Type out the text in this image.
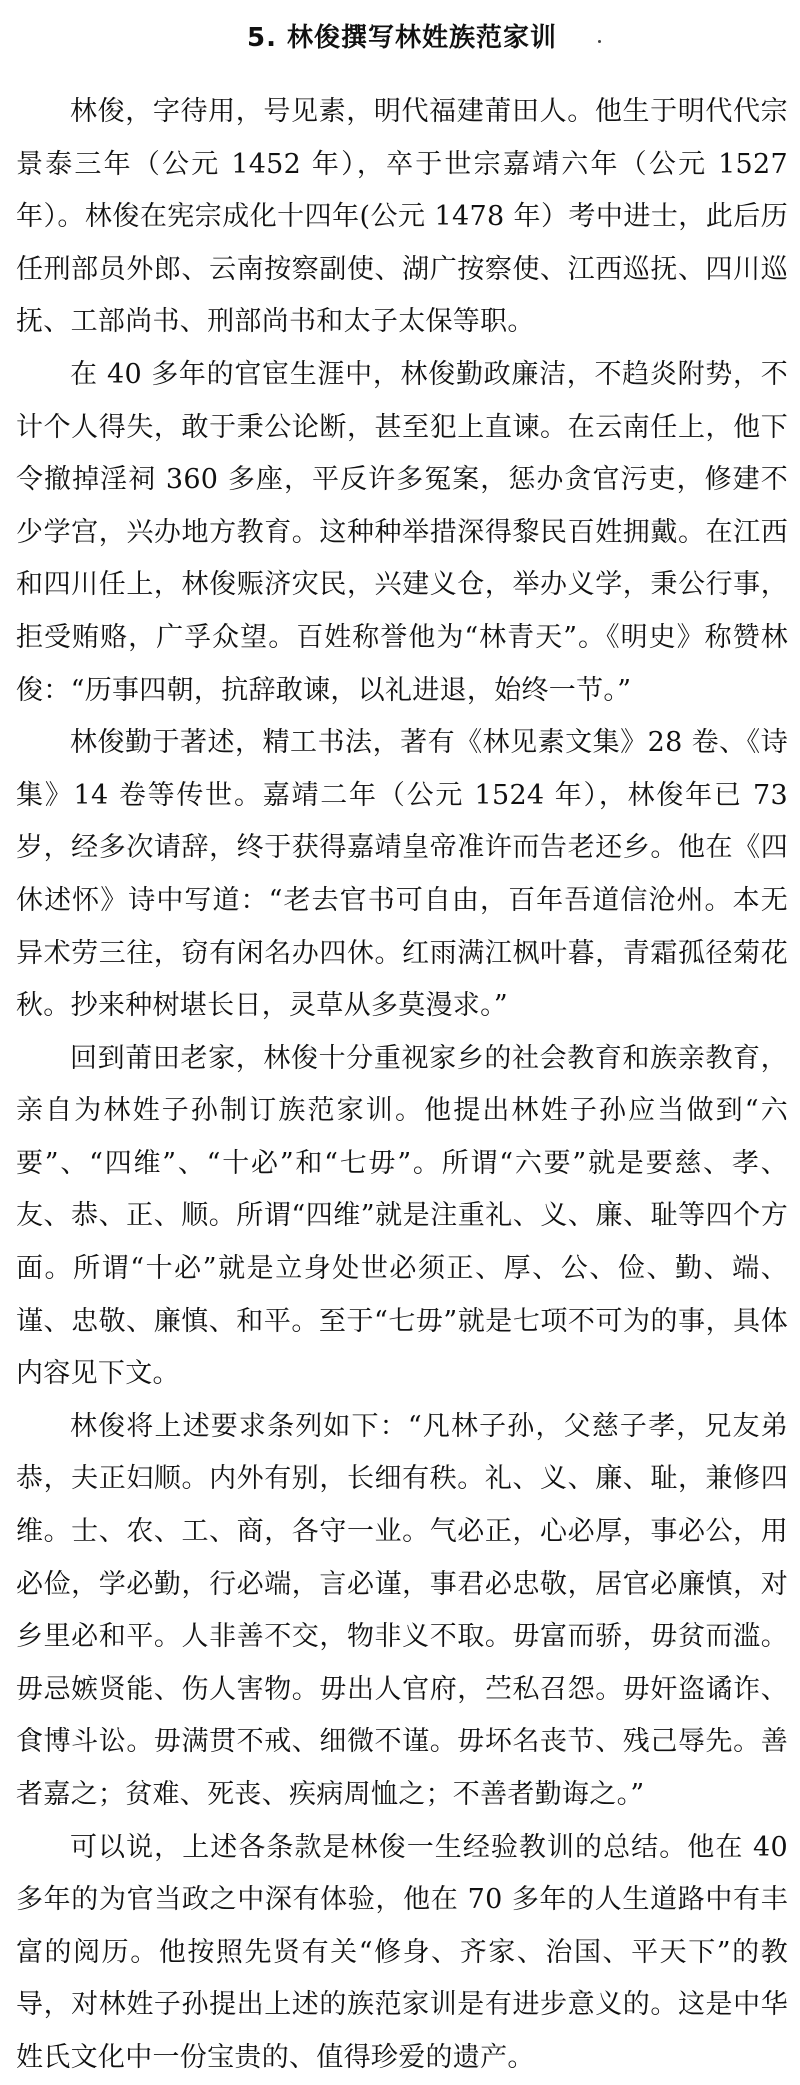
5. 林俊撰写林姓族范家训

林俊，字待用，号见素，明代福建莆田人。他生于明代代宗景泰三年（公元 1452 年），卒于世宗嘉靖六年（公元 1527 年）。林俊在宪宗成化十四年(公元 1478 年）考中进士，此后历任刑部员外郎、云南按察副使、湖广按察使、江西巡抚、四川巡抚、工部尚书、刑部尚书和太子太保等职。

在 40 多年的官宦生涯中，林俊勤政廉洁，不趋炎附势，不计个人得失，敢于秉公论断，甚至犯上直谏。在云南任上，他下令撤掉淫祠 360 多座，平反许多冤案，惩办贪官污吏，修建不少学宫，兴办地方教育。这种种举措深得黎民百姓拥戴。在江西和四川任上，林俊赈济灾民，兴建义仓，举办义学，秉公行事，拒受贿赂，广孚众望。百姓称誉他为“林青天”。《明史》称赞林俊：“历事四朝，抗辞敢谏，以礼进退，始终一节。”

林俊勤于著述，精工书法，著有《林见素文集》28 卷、《诗集》14 卷等传世。嘉靖二年（公元 1524 年），林俊年已 73 岁，经多次请辞，终于获得嘉靖皇帝准许而告老还乡。他在《四休述怀》诗中写道：“老去官书可自由，百年吾道信沧州。本无异术劳三往，窃有闲名办四休。红雨满江枫叶暮，青霜孤径菊花秋。抄来种树堪长日，灵草从多莫漫求。”

回到莆田老家，林俊十分重视家乡的社会教育和族亲教育，亲自为林姓子孙制订族范家训。他提出林姓子孙应当做到“六要”、“四维”、“十必”和“七毋”。所谓“六要”就是要慈、孝、友、恭、正、顺。所谓“四维”就是注重礼、义、廉、耻等四个方面。所谓“十必”就是立身处世必须正、厚、公、俭、勤、端、谨、忠敬、廉慎、和平。至于“七毋”就是七项不可为的事，具体内容见下文。

林俊将上述要求条列如下：“凡林子孙，父慈子孝，兄友弟恭，夫正妇顺。内外有别，长细有秩。礼、义、廉、耻，兼修四维。士、农、工、商，各守一业。气必正，心必厚，事必公，用必俭，学必勤，行必端，言必谨，事君必忠敬，居官必廉慎，对乡里必和平。人非善不交，物非义不取。毋富而骄，毋贫而滥。毋忌嫉贤能、伤人害物。毋出人官府，苎私召怨。毋奸盗谲诈、食博斗讼。毋满贯不戒、细微不谨。毋坏名丧节、残己辱先。善者嘉之；贫难、死丧、疾病周恤之；不善者勤诲之。”

可以说，上述各条款是林俊一生经验教训的总结。他在 40 多年的为官当政之中深有体验，他在 70 多年的人生道路中有丰富的阅历。他按照先贤有关“修身、齐家、治国、平天下”的教导，对林姓子孙提出上述的族范家训是有进步意义的。这是中华姓氏文化中一份宝贵的、值得珍爱的遗产。
